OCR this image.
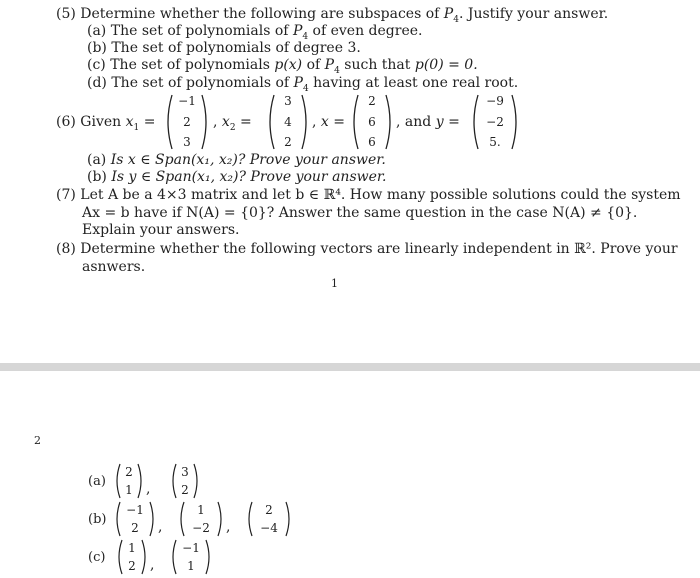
(5) Determine whether the following are subspaces of $P_4$. Justify your answer.
(a) The set of polynomials of $P_4$ of even degree.
(b) The set of polynomials of degree 3.
(c) The set of polynomials p(x) of $P_4$ such that p(0) = 0.
(d) The set of polynomials of $P_4$ having at least one real root.
(6) Given $x_1$ =
−1
2
3
, $x_2$ =
3
4
2
, x =
2
6
6
, and y =
−9
−2
5.
(a) Is x ∈ Span(x₁, x₂)? Prove your answer.
(b) Is y ∈ Span(x₁, x₂)? Prove your answer.
(7) Let A be a 4×3 matrix and let b ∈ ℝ⁴. How many possible solutions could the system
Ax = b have if N(A) = {0}? Answer the same question in the case N(A) ≠ {0}.
Explain your answers.
(8) Determine whether the following vectors are linearly independent in ℝ². Prove your
asnwers.
1
2
(a)
2
1 ,
3
2
(b)
−1
2 ,
1
−2 ,
2
−4
(c)
1
2 ,
−1
1
